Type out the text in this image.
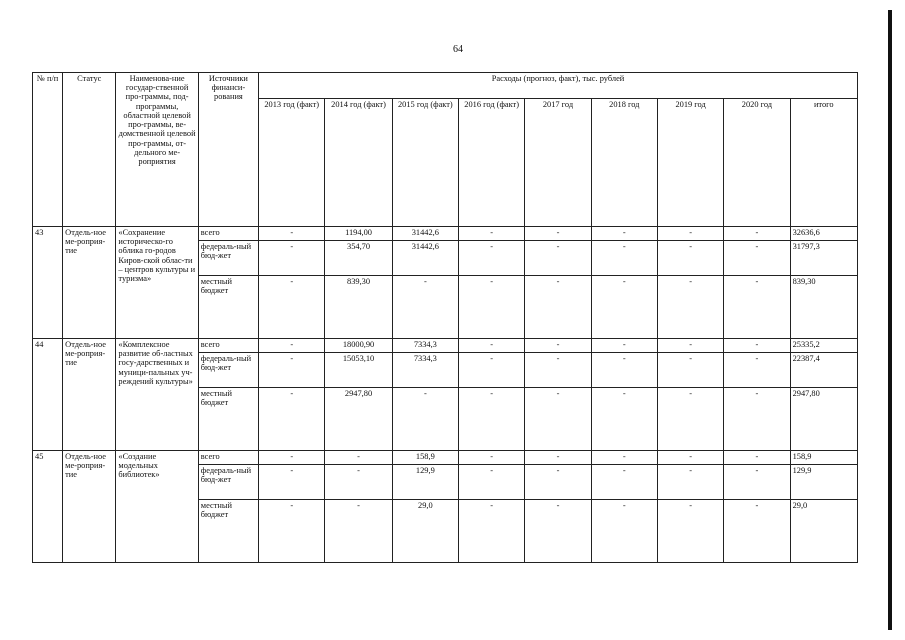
64
№ п/п	Статус	Наименова-ние государ-ственной про-граммы, под-программы, областной целевой про-граммы, ве-домственной целевой про-граммы, от-дельного ме-роприятия	Источники финанси-рования	Расходы (прогноз, факт), тыс. рублей								
				2013 год (факт)	2014 год (факт)	2015 год (факт)	2016 год (факт)	2017 год	2018 год	2019 год	2020 год	итого
43	Отдель-ное ме-роприя-тие	«Сохранение историческо-го облика го-родов Киров-ской облас-ти – центров культуры и туризма»	всего	-	1194,00	31442,6	-	-	-	-	-	32636,6
			федераль-ный бюд-жет	-	354,70	31442,6	-	-	-	-	-	31797,3
			местный бюджет	-	839,30	-	-	-	-	-	-	839,30
44	Отдель-ное ме-роприя-тие	«Комплексное развитие об-ластных госу-дарственных и муници-пальных уч-реждений культуры»	всего	-	18000,90	7334,3	-	-	-	-	-	25335,2
			федераль-ный бюд-жет	-	15053,10	7334,3	-	-	-	-	-	22387,4
			местный бюджет	-	2947,80	-	-	-	-	-	-	2947,80
45	Отдель-ное ме-роприя-тие	«Создание модельных библиотек»	всего	-	-	158,9	-	-	-	-	-	158,9
			федераль-ный бюд-жет	-	-	129,9	-	-	-	-	-	129,9
			местный бюджет	-	-	29,0	-	-	-	-	-	29,0
